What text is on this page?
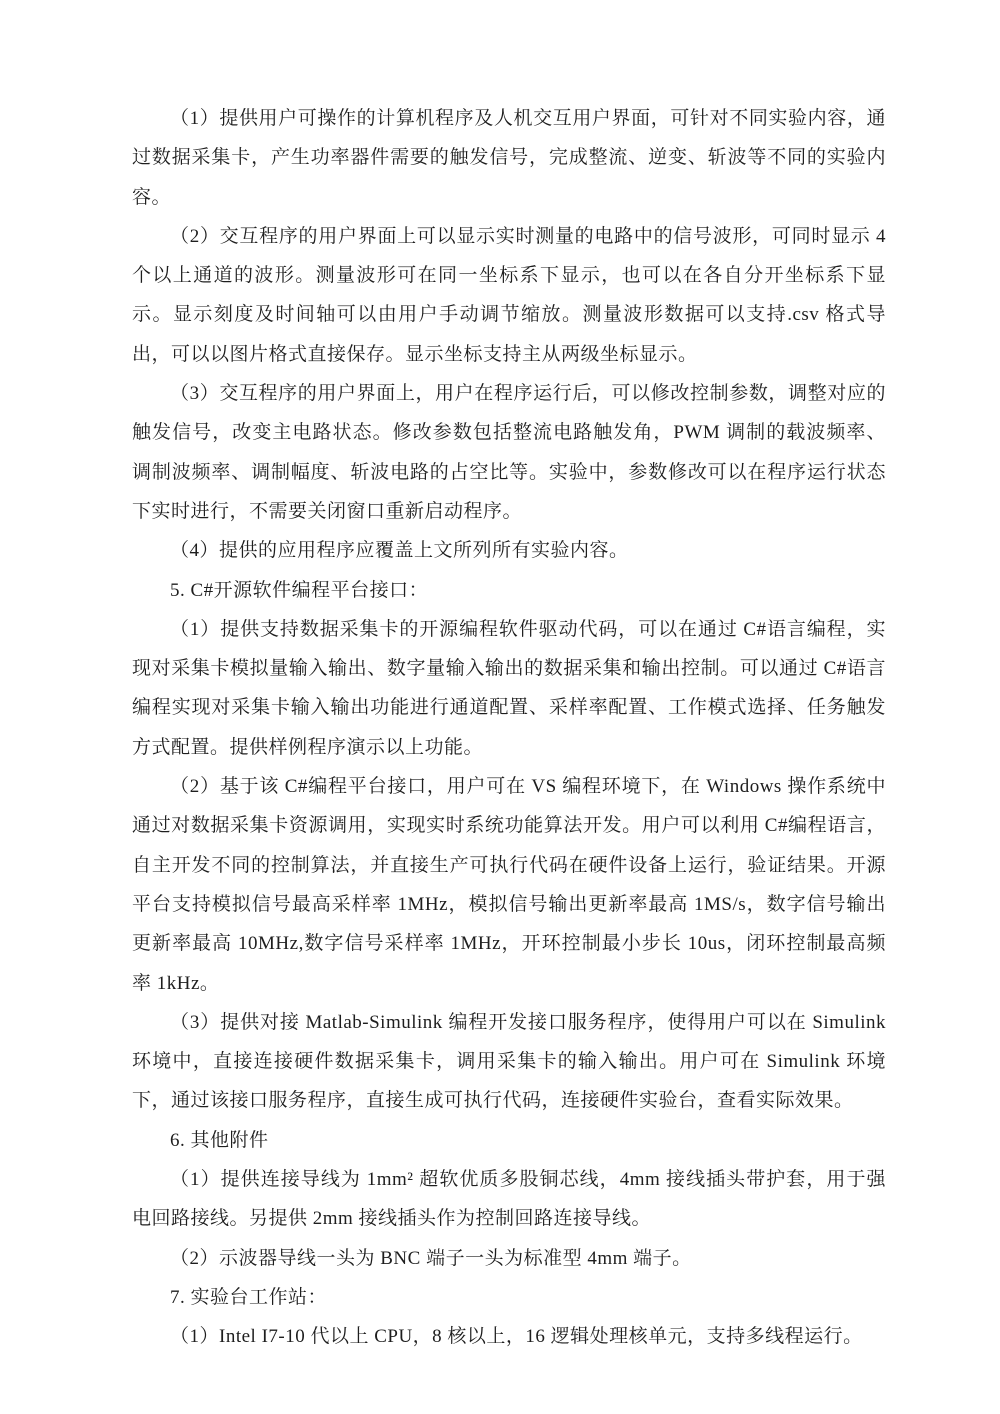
（1）提供用户可操作的计算机程序及人机交互用户界面，可针对不同实验内容，通过数据采集卡，产生功率器件需要的触发信号，完成整流、逆变、斩波等不同的实验内容。

（2）交互程序的用户界面上可以显示实时测量的电路中的信号波形，可同时显示 4 个以上通道的波形。测量波形可在同一坐标系下显示，也可以在各自分开坐标系下显示。显示刻度及时间轴可以由用户手动调节缩放。测量波形数据可以支持.csv 格式导出，可以以图片格式直接保存。显示坐标支持主从两级坐标显示。

（3）交互程序的用户界面上，用户在程序运行后，可以修改控制参数，调整对应的触发信号，改变主电路状态。修改参数包括整流电路触发角，PWM 调制的载波频率、调制波频率、调制幅度、斩波电路的占空比等。实验中，参数修改可以在程序运行状态下实时进行，不需要关闭窗口重新启动程序。

（4）提供的应用程序应覆盖上文所列所有实验内容。

5. C#开源软件编程平台接口：

（1）提供支持数据采集卡的开源编程软件驱动代码，可以在通过 C#语言编程，实现对采集卡模拟量输入输出、数字量输入输出的数据采集和输出控制。可以通过 C#语言编程实现对采集卡输入输出功能进行通道配置、采样率配置、工作模式选择、任务触发方式配置。提供样例程序演示以上功能。

（2）基于该 C#编程平台接口，用户可在 VS 编程环境下，在 Windows 操作系统中通过对数据采集卡资源调用，实现实时系统功能算法开发。用户可以利用 C#编程语言，自主开发不同的控制算法，并直接生产可执行代码在硬件设备上运行，验证结果。开源平台支持模拟信号最高采样率 1MHz，模拟信号输出更新率最高 1MS/s，数字信号输出更新率最高 10MHz,数字信号采样率 1MHz，开环控制最小步长 10us，闭环控制最高频率 1kHz。

（3）提供对接 Matlab-Simulink 编程开发接口服务程序，使得用户可以在 Simulink 环境中，直接连接硬件数据采集卡，调用采集卡的输入输出。用户可在 Simulink 环境下，通过该接口服务程序，直接生成可执行代码，连接硬件实验台，查看实际效果。

6. 其他附件

（1）提供连接导线为 1mm² 超软优质多股铜芯线，4mm 接线插头带护套，用于强电回路接线。另提供 2mm 接线插头作为控制回路连接导线。

（2）示波器导线一头为 BNC 端子一头为标准型 4mm 端子。

7. 实验台工作站：

（1）Intel I7-10 代以上 CPU，8 核以上，16 逻辑处理核单元，支持多线程运行。
